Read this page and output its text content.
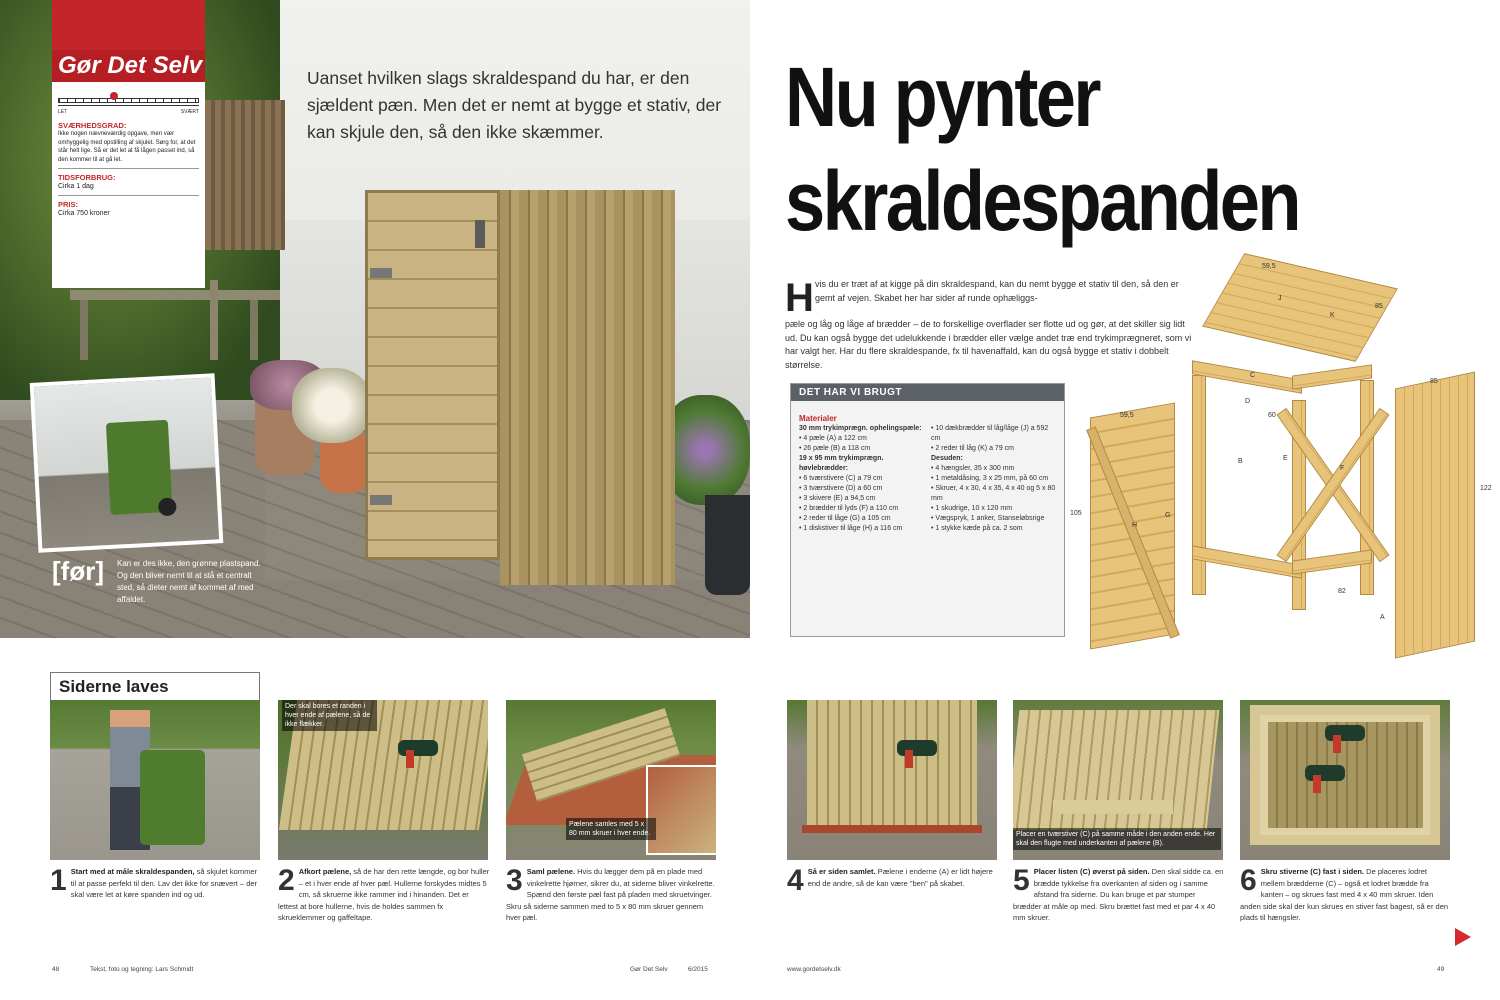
Gør Det Selv
LET	SVÆRT
SVÆRHEDSGRAD:
Ikke nogen nævneværdig opgave, men vær omhyggelig med opstilling af skjulet. Sørg for, at det står helt lige. Så er det let at få lågen passet ind, så den kommer til at gå let.
TIDSFORBRUG:
Cirka 1 dag
PRIS:
Cirka 750 kroner
Uanset hvilken slags skraldespand du har, er den sjældent pæn. Men det er nemt at bygge et stativ, der kan skjule den, så den ikke skæmmer.
[før] Kan er des ikke, den grønne plastspand. Og den bliver nemt til at stå et centralt sted, så dieter nemt af kommet af med affaldet.
Nu pynter
skraldespanden
H vis du er træt af at kigge på din skraldespand, kan du nemt bygge et stativ til den, så den er gemt af vejen. Skabet her har sider af runde ophæliggs-
pæle og låg og låge af brædder – de to forskellige overflader ser flotte ud og gør, at det skiller sig lidt ud. Du kan også bygge det udelukkende i brædder eller vælge andet træ end trykimprægneret, som vi har valgt her. Har du flere skraldespande, fx til havenaffald, kan du også bygge et stativ i dobbelt størrelse.
DET HAR VI BRUGT
Materialer
30 mm trykimprægn. ophelingspæle:
• 4 pæle (A) a 122 cm
• 26 pæle (B) a 118 cm
19 x 95 mm trykimprægn. høvlebrædder:
• 6 tværstivere (C) a 79 cm
• 3 tværstivere (D) a 60 cm
• 3 skivere (E) a 94,5 cm
• 2 brædder til lyds (F) a 110 cm
• 2 reder til låge (G) a 105 cm
• 1 diskstiver til låge (H) a 116 cm
• 10 dækbrædder til låg/låge (J) a 592 cm
• 2 reder til låg (K) a 79 cm
Desuden:
• 4 hængsler, 35 x 300 mm
• 1 metaldåsing, 3 x 25 mm, på 60 cm
• Skruer, 4 x 30, 4 x 35, 4 x 40 og 5 x 80 mm
• 1 skudrige, 10 x 120 mm
• Vægspryk, 1 anker, Stanseløbsrige
• 1 stykke kæde på ca. 2 som
59,5
85
J
K
59,5
105
H
G
60
82
C
D
E
F
B
85
122
A
Siderne laves
Der skal bores et randen i hver ende af pælene, så de ikke flækker.
Pælene samles med 5 x 80 mm skruer i hver ende.	Placer en tværstiver (C) på samme måde i den anden ende. Her skal den flugte med underkanten af pælene (B).
1 Start med at måle skraldespanden, så skjulet kommer til at passe perfekt til den. Lav det ikke for snævert – der skal være let at køre spanden ind og ud.	2 Afkort pælene, så de har den rette længde, og bor huller – et i hver ende af hver pæl. Hullerne forskydes midtes 5 cm, så skruerne ikke rammer ind i hinanden. Det er lettest at bore hullerne, hvis de holdes sammen fx skrueklemmer og gaffeltape.
3 Saml pælene. Hvis du lægger dem på en plade med vinkelrette hjørner, sikrer du, at siderne bliver vinkelrette. Spænd den første pæl fast på pladen med skruetvinger. Skru så siderne sammen med to 5 x 80 mm skruer gennem hver pæl.
4 Så er siden samlet. Pælene i enderne (A) er lidt højere end de andre, så de kan være "ben" på skabet.	5 Placer listen (C) øverst på siden. Den skal sidde ca. en brædde tykkelse fra overkanten af siden og i samme afstand fra siderne. Du kan bruge et par stumper brædder at måle op med. Skru brættet fast med et par 4 x 40 mm skruer.
6 Skru stiverne (C) fast i siden. De placeres lodret mellem brædderne (C) – også et lodret brædde fra kanten – og skrues fast med 4 x 40 mm skruer. Iden anden side skal der kun skrues en stiver fast bagest, så er den plads til hængsler.
48	Tekst, foto og tegning: Lars Schmidt	Gør Det Selv	6/2015	www.gordetselv.dk	49
